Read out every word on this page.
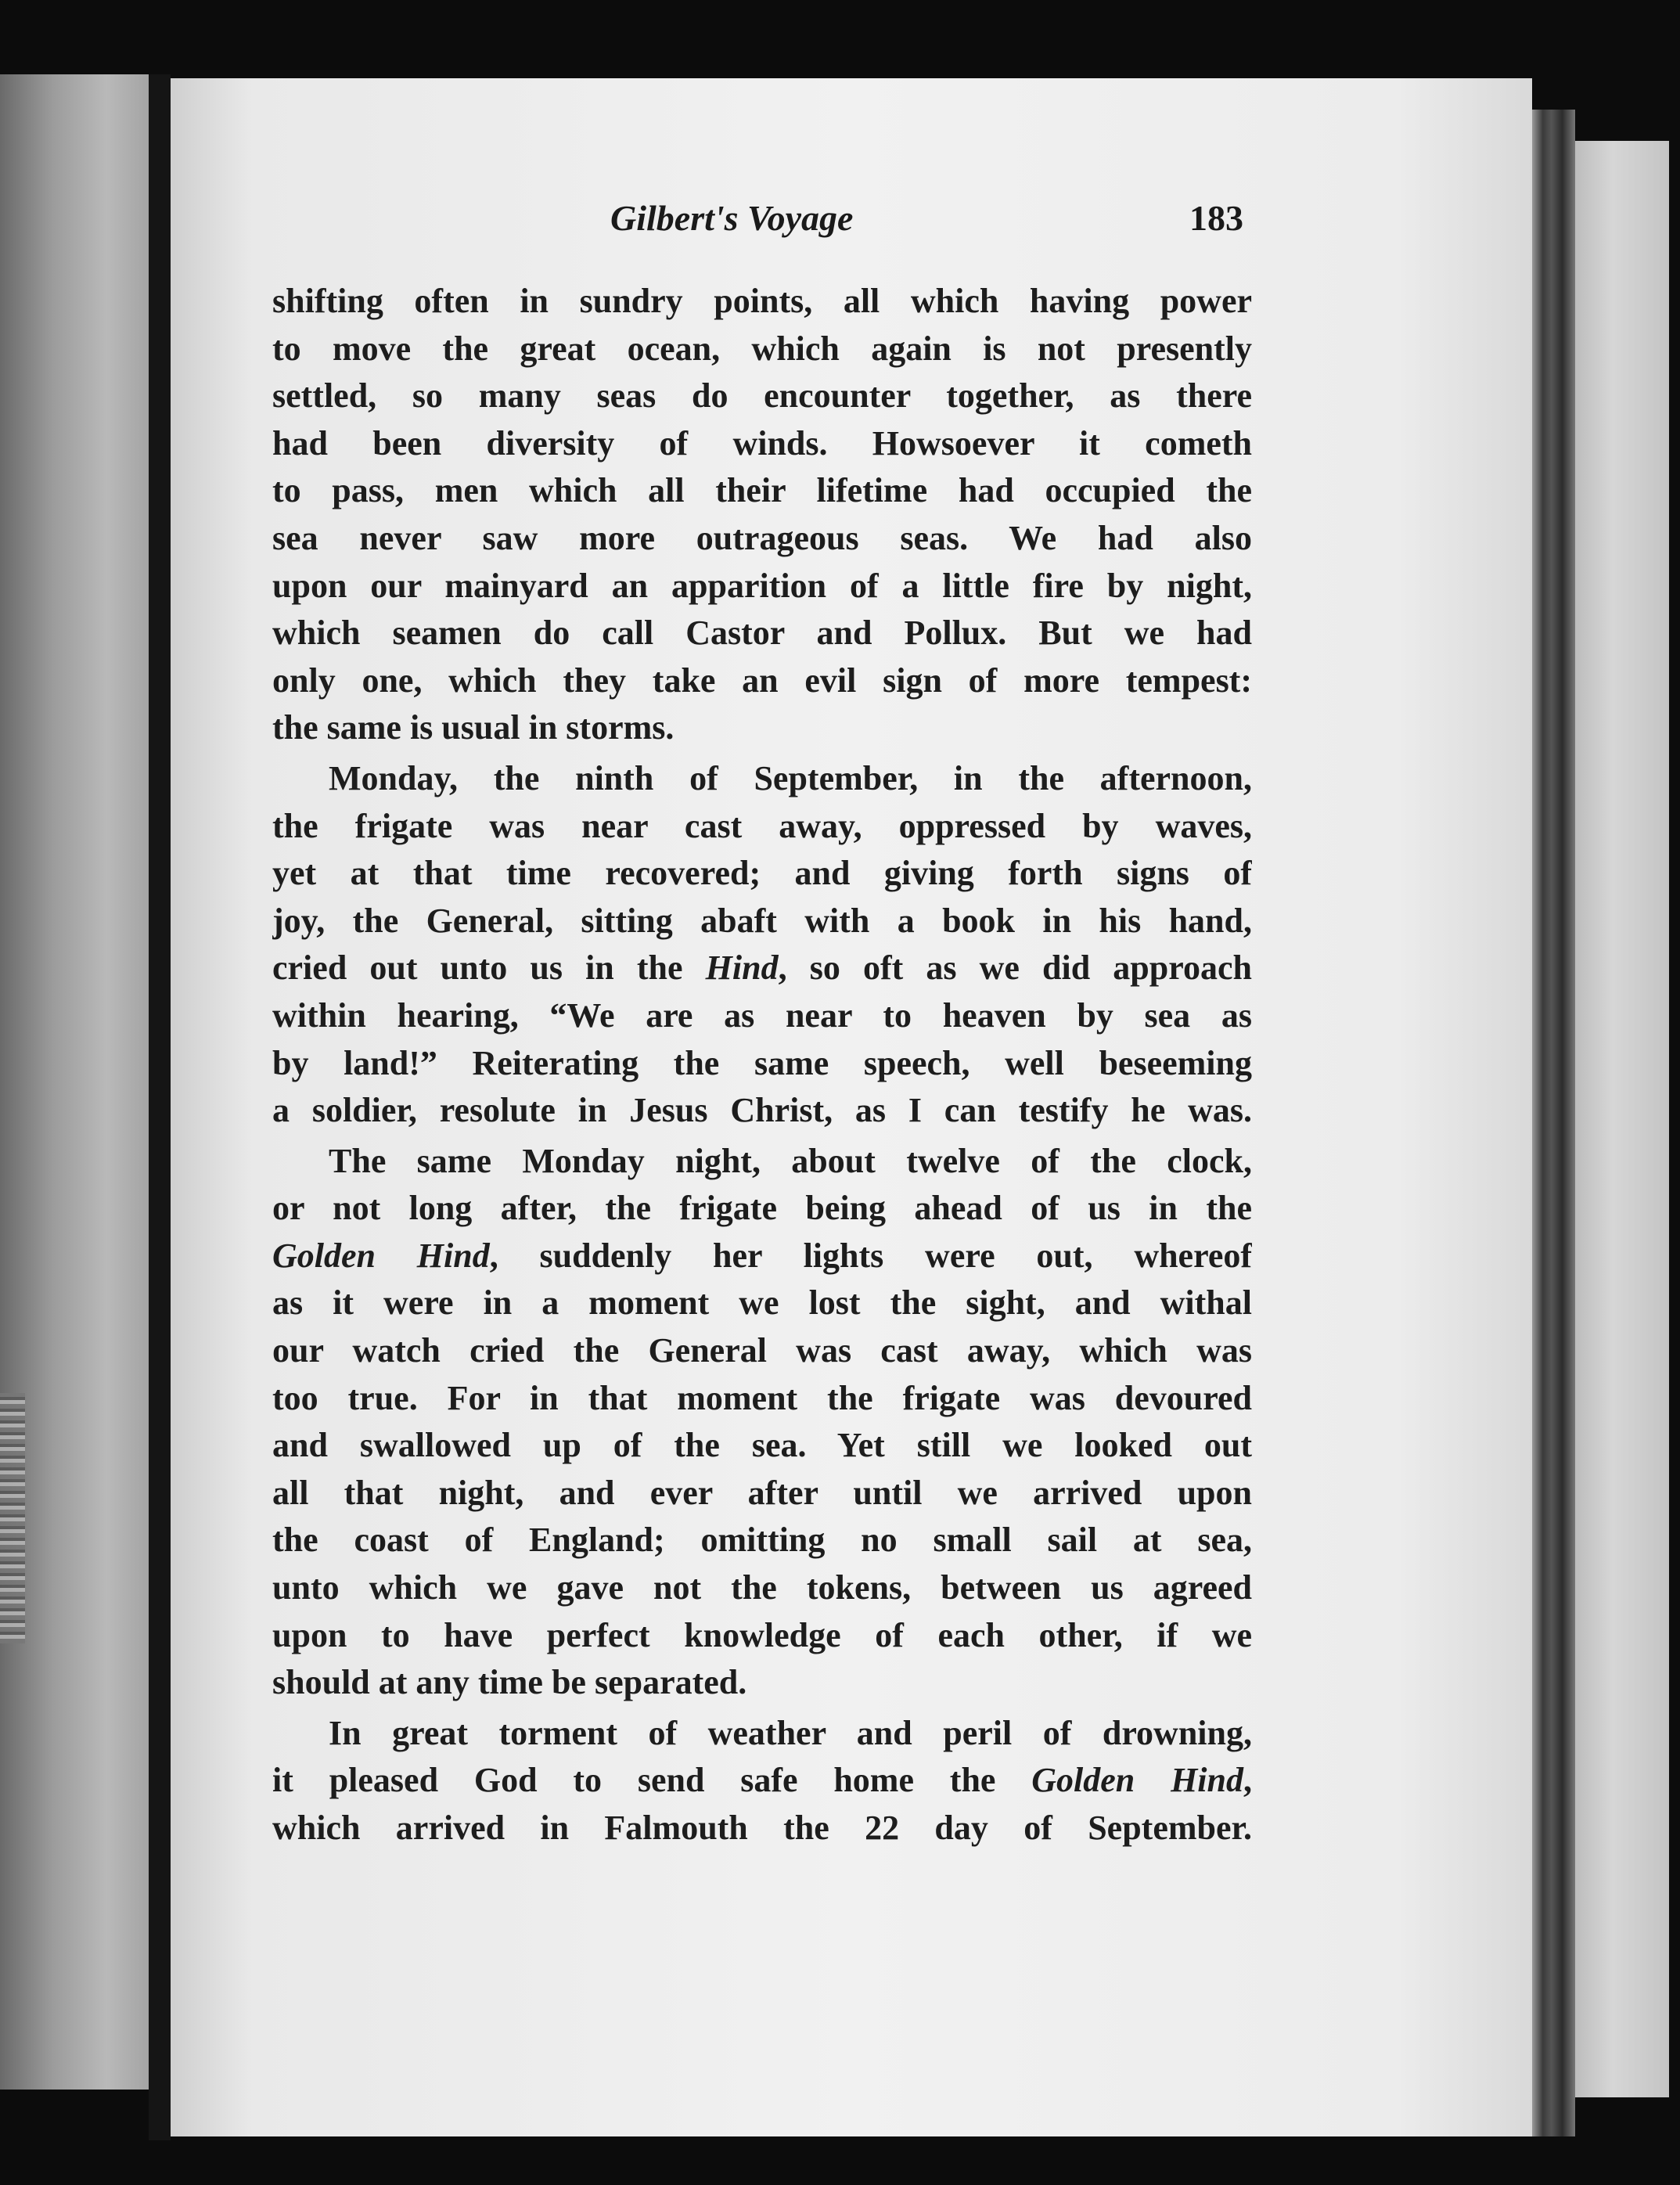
Gilbert's Voyage	183
shifting often in sundry points, all which having power
to move the great ocean, which again is not presently
settled, so many seas do encounter together, as there
had been diversity of winds. Howsoever it cometh
to pass, men which all their lifetime had occupied the
sea never saw more outrageous seas. We had also
upon our mainyard an apparition of a little fire by night,
which seamen do call Castor and Pollux. But we had
only one, which they take an evil sign of more tempest:
the same is usual in storms.
Monday, the ninth of September, in the afternoon,
the frigate was near cast away, oppressed by waves,
yet at that time recovered; and giving forth signs of
joy, the General, sitting abaft with a book in his hand,
cried out unto us in the Hind, so oft as we did approach
within hearing, “We are as near to heaven by sea as
by land!” Reiterating the same speech, well beseeming
a soldier, resolute in Jesus Christ, as I can testify he was.
The same Monday night, about twelve of the clock,
or not long after, the frigate being ahead of us in the
Golden Hind, suddenly her lights were out, whereof
as it were in a moment we lost the sight, and withal
our watch cried the General was cast away, which was
too true. For in that moment the frigate was devoured
and swallowed up of the sea. Yet still we looked out
all that night, and ever after until we arrived upon
the coast of England; omitting no small sail at sea,
unto which we gave not the tokens, between us agreed
upon to have perfect knowledge of each other, if we
should at any time be separated.
In great torment of weather and peril of drowning,
it pleased God to send safe home the Golden Hind,
which arrived in Falmouth the 22 day of September.
